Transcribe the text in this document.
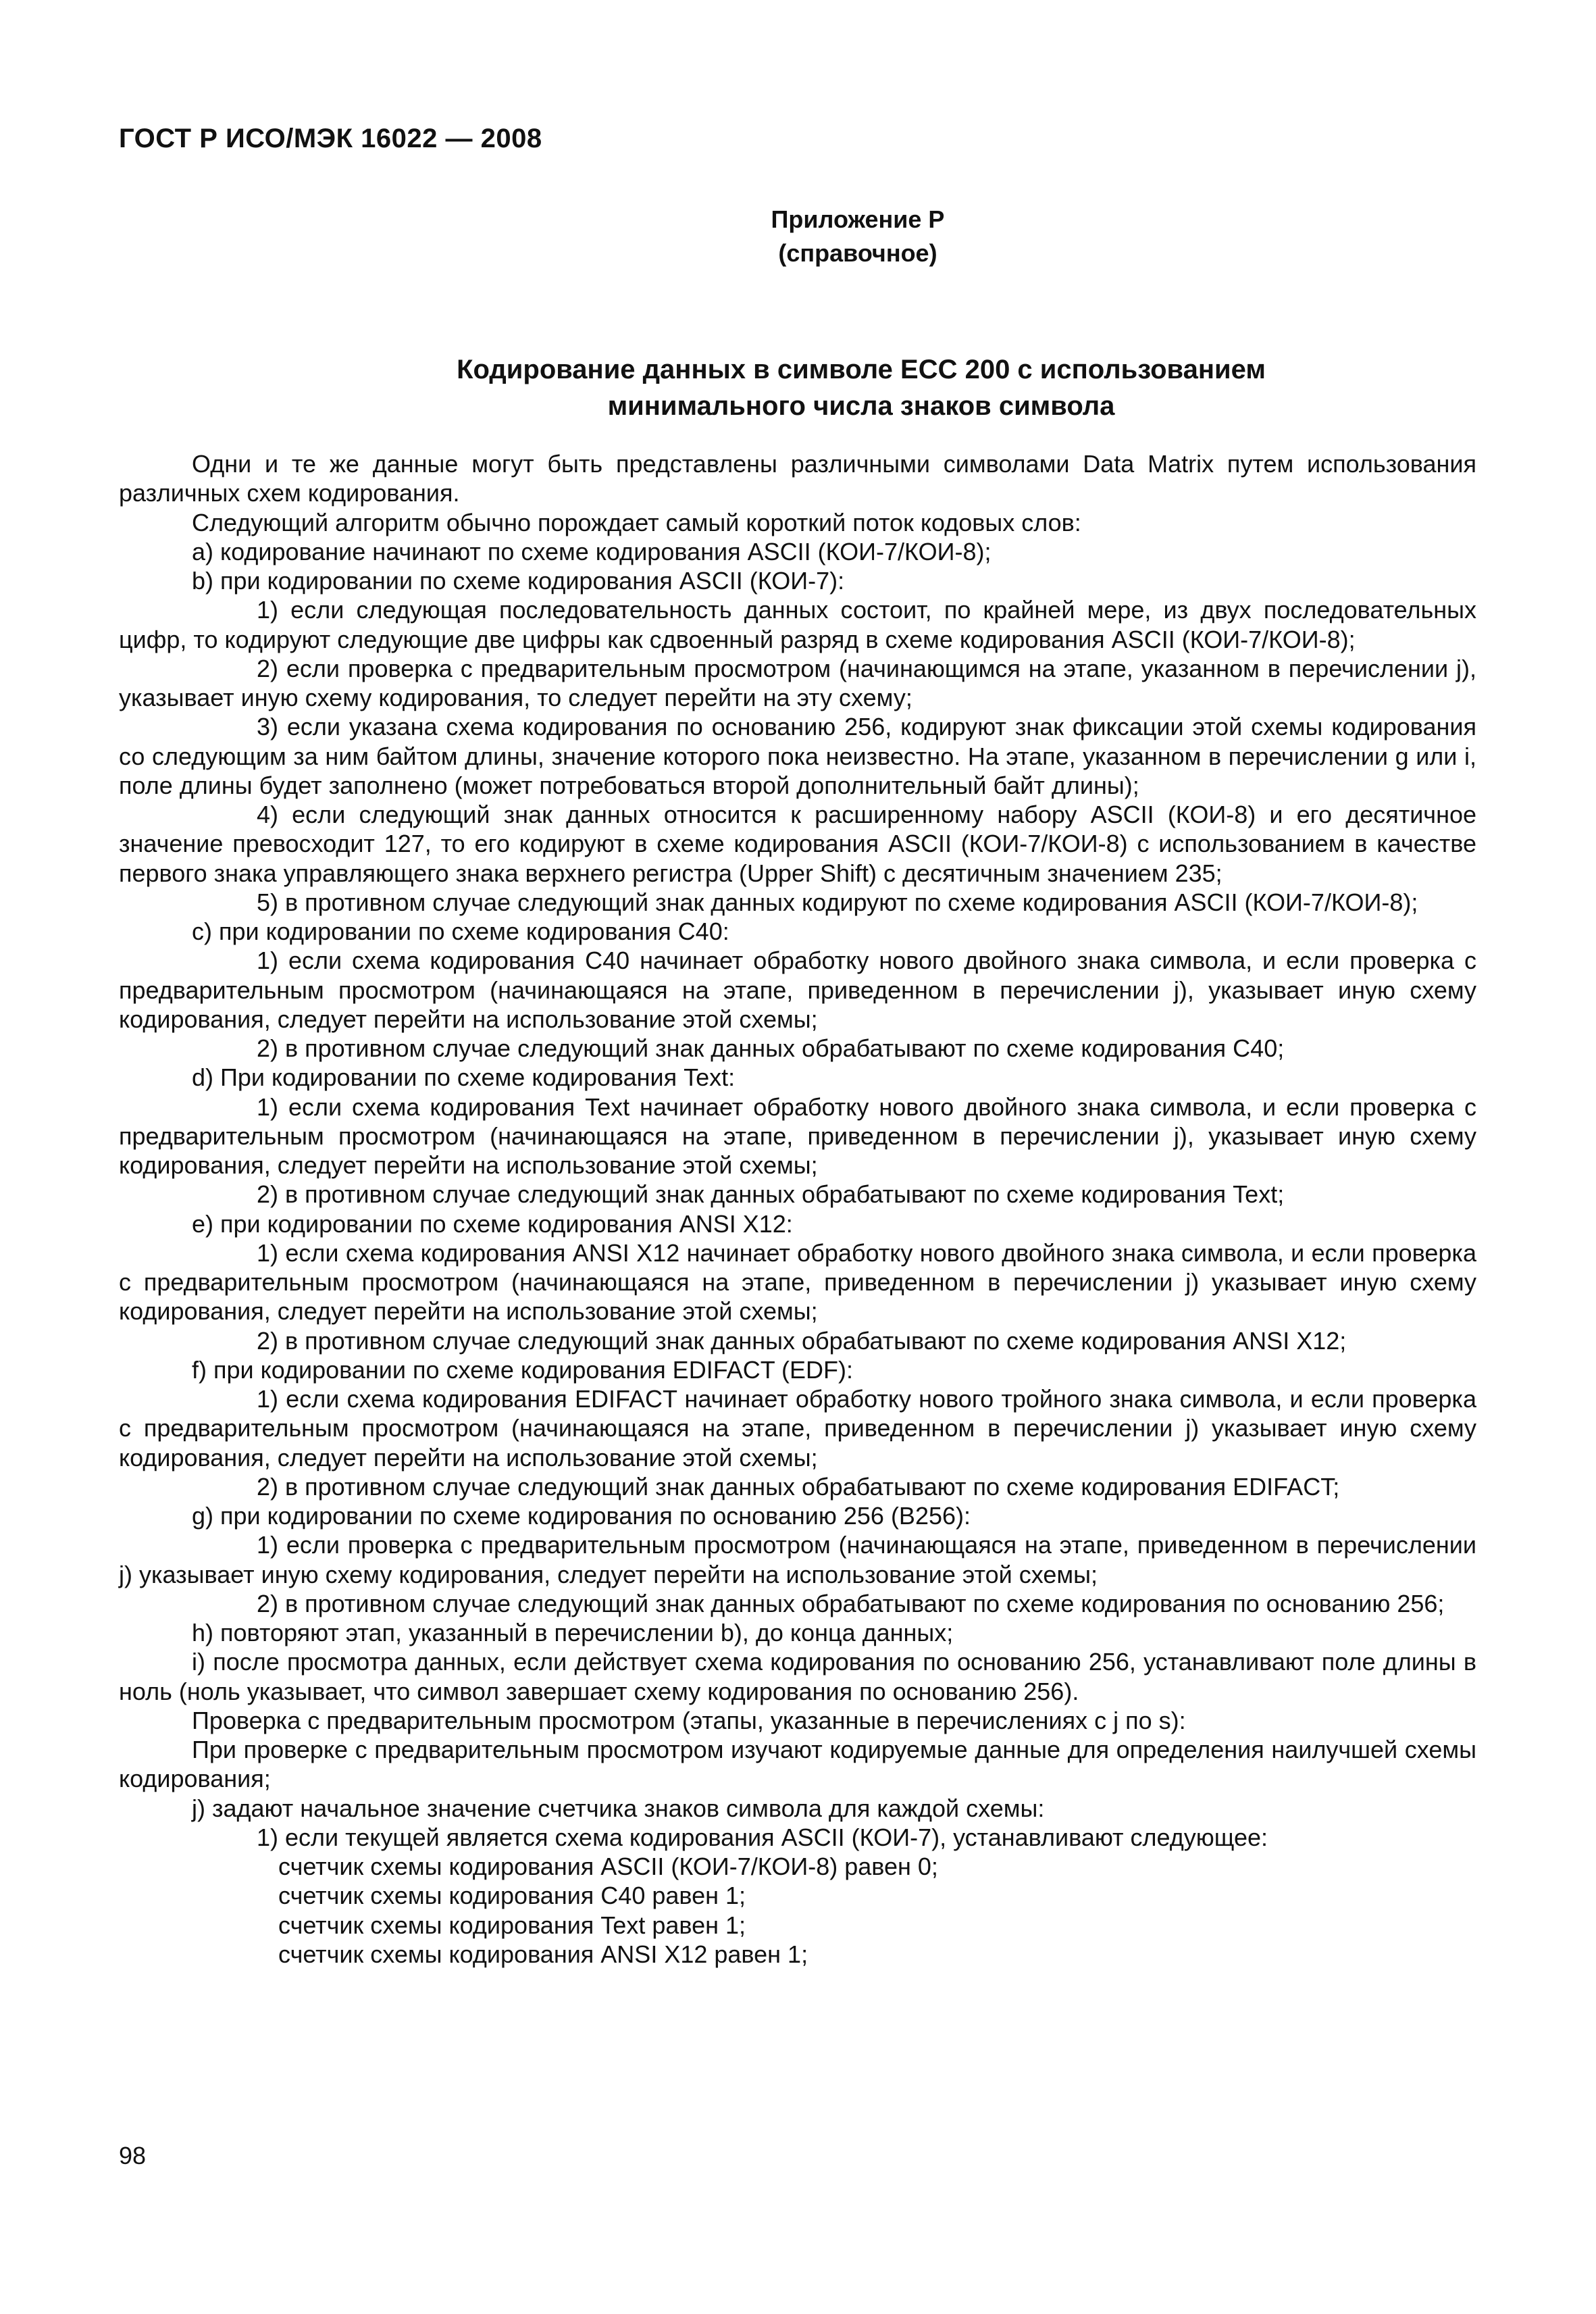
ГОСТ Р ИСО/МЭК 16022 — 2008
Приложение Р
(справочное)
Кодирование данных в символе ЕСС 200 с использованием
минимального числа знаков символа
Одни и те же данные могут быть представлены различными символами Data Matrix путем использования различных схем кодирования.
Следующий алгоритм обычно порождает самый короткий поток кодовых слов:
a) кодирование начинают по схеме кодирования ASCII (КОИ-7/КОИ-8);
b) при кодировании по схеме кодирования ASCII (КОИ-7):
1) если следующая последовательность данных состоит, по крайней мере, из двух последовательных цифр, то кодируют следующие две цифры как сдвоенный разряд в схеме кодирования ASCII (КОИ-7/КОИ-8);
2) если проверка с предварительным просмотром (начинающимся на этапе, указанном в перечислении j), указывает иную схему кодирования, то следует перейти на эту схему;
3) если указана схема кодирования по основанию 256, кодируют знак фиксации этой схемы кодирования со следующим за ним байтом длины, значение которого пока неизвестно. На этапе, указанном в перечислении g или i, поле длины будет заполнено (может потребоваться второй дополнительный байт длины);
4) если следующий знак данных относится к расширенному набору ASCII (КОИ-8) и его десятичное значение превосходит 127, то его кодируют в схеме кодирования ASCII (КОИ-7/КОИ-8) с использованием в качестве первого знака управляющего знака верхнего регистра (Upper Shift) с десятичным значением 235;
5) в противном случае следующий знак данных кодируют по схеме кодирования ASCII (КОИ-7/КОИ-8);
c) при кодировании по схеме кодирования С40:
1) если схема кодирования С40 начинает обработку нового двойного знака символа, и если проверка с предварительным просмотром (начинающаяся на этапе, приведенном в перечислении j), указывает иную схему кодирования, следует перейти на использование этой схемы;
2) в противном случае следующий знак данных обрабатывают по схеме кодирования С40;
d) При кодировании по схеме кодирования Text:
1) если схема кодирования Text начинает обработку нового двойного знака символа, и если проверка с предварительным просмотром (начинающаяся на этапе, приведенном в перечислении j), указывает иную схему кодирования, следует перейти на использование этой схемы;
2) в противном случае следующий знак данных обрабатывают по схеме кодирования Text;
e) при кодировании по схеме кодирования ANSI X12:
1) если схема кодирования ANSI X12 начинает обработку нового двойного знака символа, и если проверка с предварительным просмотром (начинающаяся на этапе, приведенном в перечислении j) указывает иную схему кодирования, следует перейти на использование этой схемы;
2) в противном случае следующий знак данных обрабатывают по схеме кодирования ANSI X12;
f) при кодировании по схеме кодирования EDIFACT (EDF):
1) если схема кодирования EDIFACT начинает обработку нового тройного знака символа, и если проверка с предварительным просмотром (начинающаяся на этапе, приведенном в перечислении j) указывает иную схему кодирования, следует перейти на использование этой схемы;
2) в противном случае следующий знак данных обрабатывают по схеме кодирования EDIFACT;
g) при кодировании по схеме кодирования по основанию 256 (В256):
1) если проверка с предварительным просмотром (начинающаяся на этапе, приведенном в перечислении j) указывает иную схему кодирования, следует перейти на использование этой схемы;
2) в противном случае следующий знак данных обрабатывают по схеме кодирования по основанию 256;
h) повторяют этап, указанный в перечислении b), до конца данных;
i) после просмотра данных, если действует схема кодирования по основанию 256, устанавливают поле длины в ноль (ноль указывает, что символ завершает схему кодирования по основанию 256).
Проверка с предварительным просмотром (этапы, указанные в перечислениях с j по s):
При проверке с предварительным просмотром изучают кодируемые данные для определения наилучшей схемы кодирования;
j) задают начальное значение счетчика знаков символа для каждой схемы:
1) если текущей является схема кодирования ASCII (КОИ-7), устанавливают следующее:
счетчик схемы кодирования ASCII (КОИ-7/КОИ-8) равен 0;
счетчик схемы кодирования С40 равен 1;
счетчик схемы кодирования Text равен 1;
счетчик схемы кодирования ANSI X12 равен 1;
98
